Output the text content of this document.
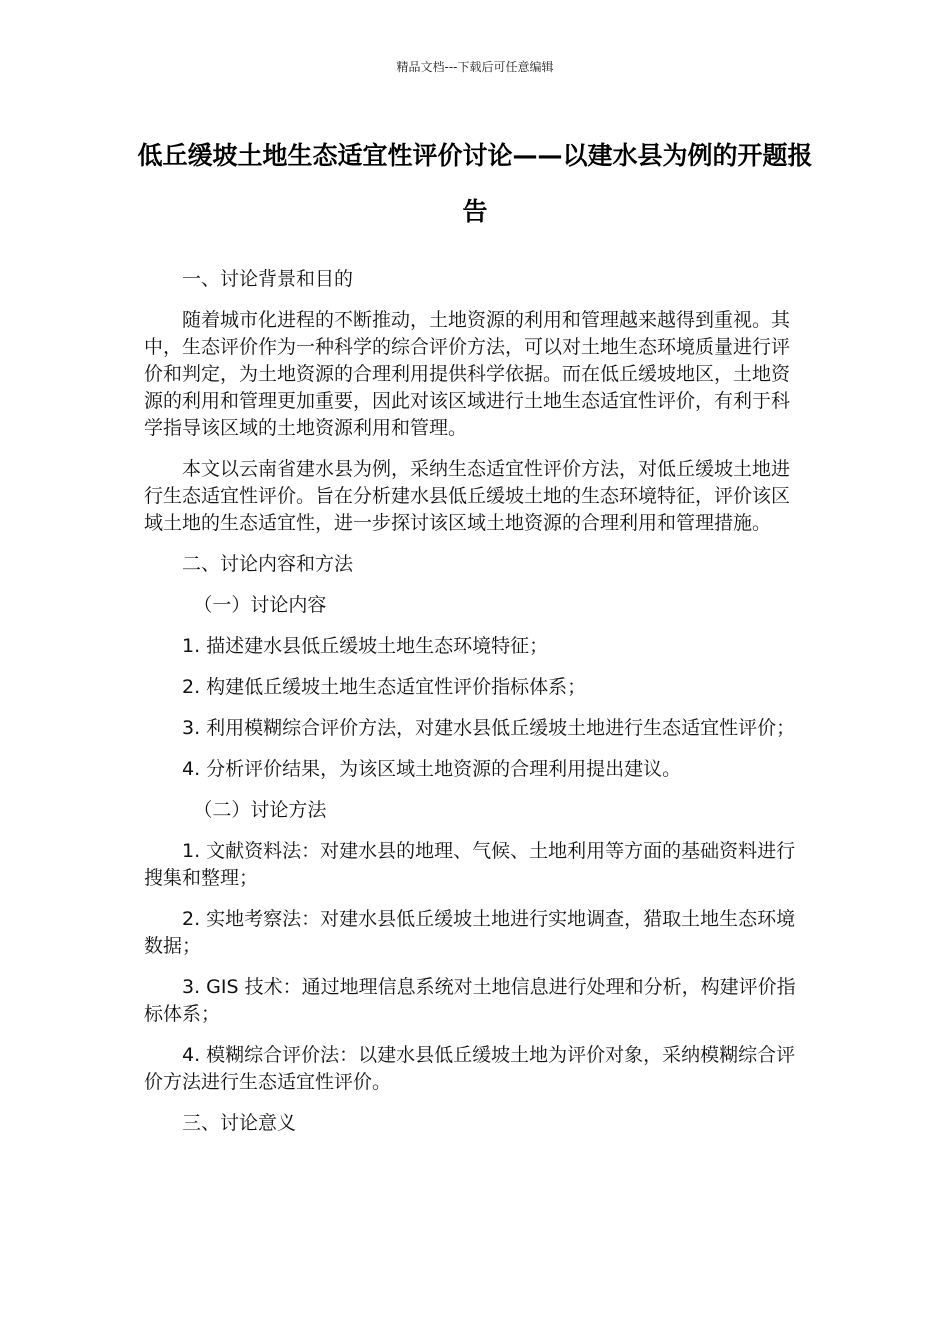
精品文档---下载后可任意编辑
低丘缓坡土地生态适宜性评价讨论——以建水县为例的开题报告

一、讨论背景和目的

随着城市化进程的不断推动，土地资源的利用和管理越来越得到重视。其中，生态评价作为一种科学的综合评价方法，可以对土地生态环境质量进行评价和判定，为土地资源的合理利用提供科学依据。而在低丘缓坡地区，土地资源的利用和管理更加重要，因此对该区域进行土地生态适宜性评价，有利于科学指导该区域的土地资源利用和管理。

本文以云南省建水县为例，采纳生态适宜性评价方法，对低丘缓坡土地进行生态适宜性评价。旨在分析建水县低丘缓坡土地的生态环境特征，评价该区域土地的生态适宜性，进一步探讨该区域土地资源的合理利用和管理措施。

二、讨论内容和方法

（一）讨论内容

1. 描述建水县低丘缓坡土地生态环境特征；

2. 构建低丘缓坡土地生态适宜性评价指标体系；

3. 利用模糊综合评价方法，对建水县低丘缓坡土地进行生态适宜性评价；

4. 分析评价结果，为该区域土地资源的合理利用提出建议。

（二）讨论方法

1. 文献资料法：对建水县的地理、气候、土地利用等方面的基础资料进行搜集和整理；

2. 实地考察法：对建水县低丘缓坡土地进行实地调查，猎取土地生态环境数据；

3. GIS 技术：通过地理信息系统对土地信息进行处理和分析，构建评价指标体系；

4. 模糊综合评价法：以建水县低丘缓坡土地为评价对象，采纳模糊综合评价方法进行生态适宜性评价。

三、讨论意义
